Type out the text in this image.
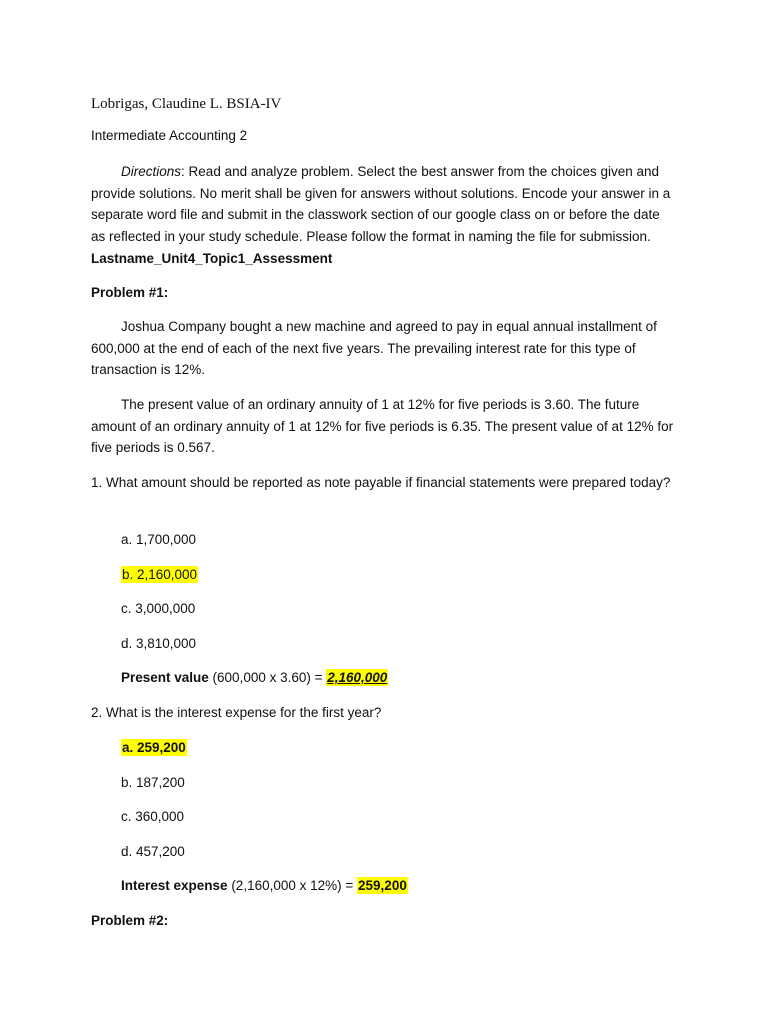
Lobrigas, Claudine L. BSIA-IV
Intermediate Accounting 2
Directions: Read and analyze problem. Select the best answer from the choices given and provide solutions. No merit shall be given for answers without solutions. Encode your answer in a separate word file and submit in the classwork section of our google class on or before the date as reflected in your study schedule. Please follow the format in naming the file for submission. Lastname_Unit4_Topic1_Assessment
Problem #1:
Joshua Company bought a new machine and agreed to pay in equal annual installment of 600,000 at the end of each of the next five years. The prevailing interest rate for this type of transaction is 12%.
The present value of an ordinary annuity of 1 at 12% for five periods is 3.60. The future amount of an ordinary annuity of 1 at 12% for five periods is 6.35. The present value of at 12% for five periods is 0.567.
1. What amount should be reported as note payable if financial statements were prepared today?
a. 1,700,000
b. 2,160,000
c. 3,000,000
d. 3,810,000
Present value (600,000 x 3.60) = 2,160,000
2. What is the interest expense for the first year?
a. 259,200
b. 187,200
c. 360,000
d. 457,200
Interest expense (2,160,000 x 12%) = 259,200
Problem #2:
